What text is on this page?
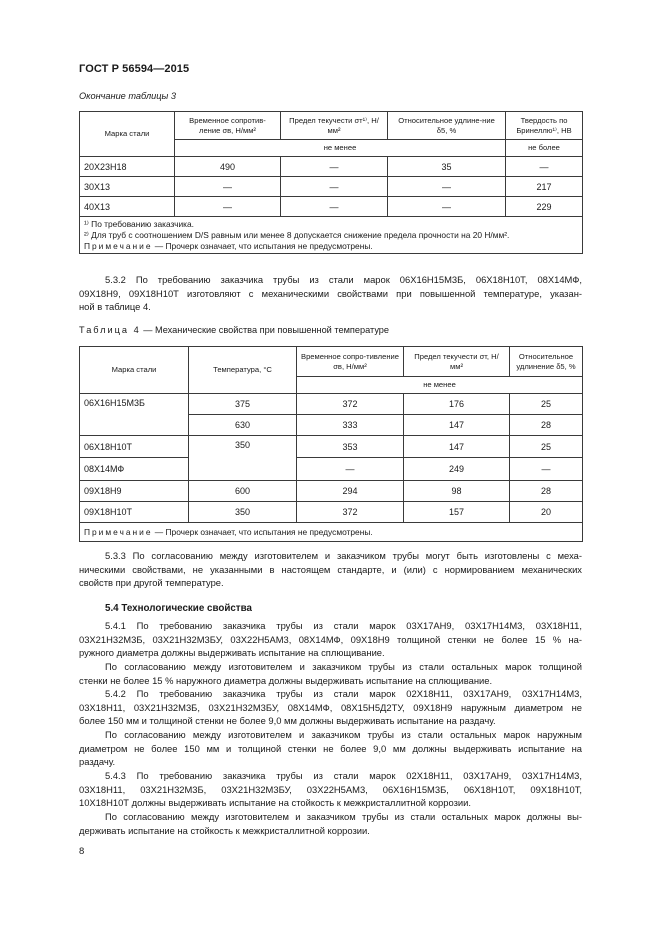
ГОСТ Р 56594—2015
Окончание таблицы 3
Марка стали	Временное сопротив-ление σв, Н/мм²	Предел текучести σт¹⁾, Н/мм²	Относительное удлине-ние δ5, %	Твердость по Бринеллю¹⁾, НВ
	не менее			не более
20Х23Н18	490	—	35	—
30Х13	—	—	—	217
40Х13	—	—	—	229

¹⁾ По требованию заказчика.
²⁾ Для труб с соотношением D/S равным или менее 8 допускается снижение предела прочности на 20 Н/мм².
Примечание — Прочерк означает, что испытания не предусмотрены.				
5.3.2 По требованию заказчика трубы из стали марок 06Х16Н15М3Б, 06Х18Н10Т, 08Х14МФ,
09Х18Н9, 09Х18Н10Т изготовляют с механическими свойствами при повышенной температуре, указан-
ной в таблице 4.
Таблица 4 — Механические свойства при повышенной температуре
Марка стали	Температура, °С	Временное сопро-тивление σв, Н/мм²	Предел текучести σт, Н/мм²	Относительное удлинение δ5, %
		не менее		
06Х16Н15М3Б	375	372	176	25
	630	333	147	28
06Х18Н10Т	350	353	147	25
08Х14МФ		—	249	—
09Х18Н9	600	294	98	28
09Х18Н10Т	350	372	157	20
Примечание — Прочерк означает, что испытания не предусмотрены.				
5.3.3 По согласованию между изготовителем и заказчиком трубы могут быть изготовлены с меха-
ническими свойствами, не указанными в настоящем стандарте, и (или) с нормированием механических
свойств при другой температуре.
5.4 Технологические свойства
5.4.1 По требованию заказчика трубы из стали марок 03Х17АН9, 03Х17Н14М3, 03Х18Н11,
03Х21Н32М3Б, 03Х21Н32М3БУ, 03Х22Н5АМ3, 08Х14МФ, 09Х18Н9 толщиной стенки не более 15 % на-
ружного диаметра должны выдерживать испытание на сплющивание.
По согласованию между изготовителем и заказчиком трубы из стали остальных марок толщиной
стенки не более 15 % наружного диаметра должны выдерживать испытание на сплющивание.
5.4.2 По требованию заказчика трубы из стали марок 02Х18Н11, 03Х17АН9, 03Х17Н14М3,
03Х18Н11, 03Х21Н32М3Б, 03Х21Н32М3БУ, 08Х14МФ, 08Х15Н5Д2ТУ, 09Х18Н9 наружным диаметром не
более 150 мм и толщиной стенки не более 9,0 мм должны выдерживать испытание на раздачу.
По согласованию между изготовителем и заказчиком трубы из стали остальных марок наружным
диаметром не более 150 мм и толщиной стенки не более 9,0 мм должны выдерживать испытание на
раздачу.
5.4.3 По требованию заказчика трубы из стали марок 02Х18Н11, 03Х17АН9, 03Х17Н14М3,
03Х18Н11, 03Х21Н32М3Б, 03Х21Н32М3БУ, 03Х22Н5АМ3, 06Х16Н15М3Б, 06Х18Н10Т, 09Х18Н10Т,
10Х18Н10Т должны выдерживать испытание на стойкость к межкристаллитной коррозии.
По согласованию между изготовителем и заказчиком трубы из стали остальных марок должны вы-
держивать испытание на стойкость к межкристаллитной коррозии.
8
